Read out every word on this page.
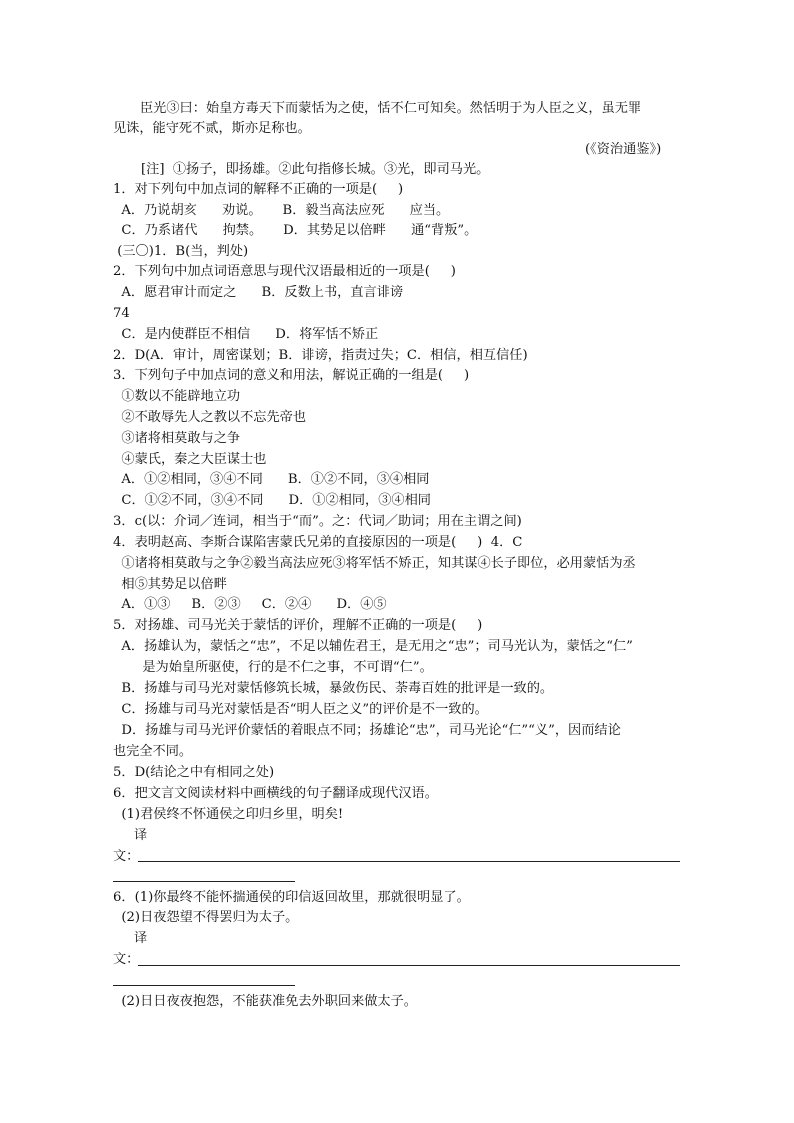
臣光③曰：始皇方毒天下而蒙恬为之使，恬不仁可知矣。然恬明于为人臣之义，虽无罪
见诛，能守死不贰，斯亦足称也。
(《资治通鉴》)
[注]  ①扬子，即扬雄。②此句指修长城。③光，即司马光。
1．对下列句中加点词的解释不正确的一项是(     )
A．乃说胡亥      劝说。     B．毅当高法应死      应当。
C．乃系诸代      拘禁。     D．其势足以倍畔      通“背叛”。
(三〇)1．B(当，判处)
2．下列句中加点词语意思与现代汉语最相近的一项是(     )
A．愿君审计而定之      B．反数上书，直言诽谤
74
C．是内使群臣不相信      D．将军恬不矫正
2．D(A．审计，周密谋划；B．诽谤，指责过失；C．相信，相互信任)
3．下列句子中加点词的意义和用法，解说正确的一组是(     )
①数以不能辟地立功
②不敢辱先人之教以不忘先帝也
③诸将相莫敢与之争
④蒙氏，秦之大臣谋士也
A．①②相同，③④不同      B．①②不同，③④相同
C．①②不同，③④不同      D．①②相同，③④相同
3．c(以：介词／连词，相当于“而”。之：代词／助词；用在主谓之间)
4．表明赵高、李斯合谋陷害蒙氏兄弟的直接原因的一项是(     )  4．C
①诸将相莫敢与之争②毅当高法应死③将军恬不矫正，知其谋④长子即位，必用蒙恬为丞
相⑤其势足以倍畔
A．①③     B．②③     C．②④      D．④⑤
5．对扬雄、司马光关于蒙恬的评价，理解不正确的一项是(     )
A．扬雄认为，蒙恬之“忠”，不足以辅佐君王，是无用之“忠”；司马光认为，蒙恬之“仁”
是为始皇所驱使，行的是不仁之事，不可谓“仁”。
B．扬雄与司马光对蒙恬修筑长城，暴敛伤民、荼毒百姓的批评是一致的。
C．扬雄与司马光对蒙恬是否“明人臣之义”的评价是不一致的。
D．扬雄与司马光评价蒙恬的着眼点不同；扬雄论“忠”，司马光论“仁”“义”，因而结论
也完全不同。
5．D(结论之中有相同之处)
6．把文言文阅读材料中画横线的句子翻译成现代汉语。
(1)君侯终不怀通侯之印归乡里，明矣!
译
文：
6．(1)你最终不能怀揣通侯的印信返回故里，那就很明显了。
(2)日夜怨望不得罢归为太子。
译
文：
(2)日日夜夜抱怨，不能获准免去外职回来做太子。
